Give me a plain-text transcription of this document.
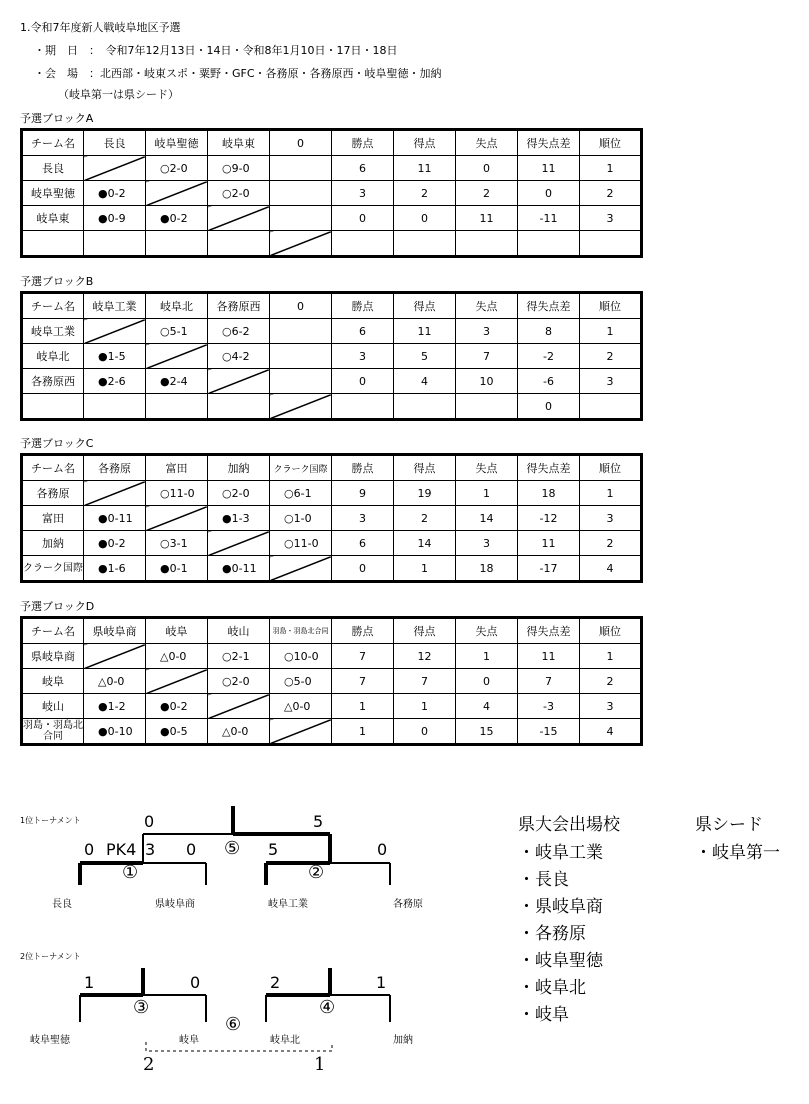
1.令和7年度新人戦岐阜地区予選
・期　日　：　令和7年12月13日・14日・令和8年1月10日・17日・18日
・会　場　：北西部・岐東スポ・粟野・GFC・各務原・各務原西・岐阜聖徳・加納
（岐阜第一は県シード）
予選ブロックA
予選ブロックB
予選ブロックC
予選ブロックD
チーム名	長良	岐阜聖徳	岐阜東	0	勝点	得点	失点	得失点差	順位
長良		○2-0	○9-0		6	11	0	11	1
岐阜聖徳	●0-2		○2-0		3	2	2	0	2
岐阜東	●0-9	●0-2			0	0	11	-11	3

チーム名	岐阜工業	岐阜北	各務原西	0	勝点	得点	失点	得失点差	順位
岐阜工業		○5-1	○6-2		6	11	3	8	1
岐阜北	●1-5		○4-2		3	5	7	-2	2
各務原西	●2-6	●2-4			0	4	10	-6	3
								0	
チーム名	各務原	富田	加納	クラーク国際	勝点	得点	失点	得失点差	順位
各務原		○11-0	○2-0	○6-1	9	19	1	18	1
富田	●0-11		●1-3	○1-0	3	2	14	-12	3
加納	●0-2	○3-1		○11-0	6	14	3	11	2
クラーク国際	●1-6	●0-1	●0-11		0	1	18	-17	4
チーム名	県岐阜商	岐阜	岐山	羽島・羽島北合同	勝点	得点	失点	得失点差	順位
県岐阜商		△0-0	○2-1	○10-0	7	12	1	11	1
岐阜	△0-0		○2-0	○5-0	7	7	0	7	2
岐山	●1-2	●0-2		△0-0	1	1	4	-3	3
羽島・羽島北合同	●0-10	●0-5	△0-0		1	0	15	-15	4
1位トーナメント	0	5
0 PK4 3 0 ⑤ 5	0
①	②
長良	県岐阜商	岐阜工業	各務原
2位トーナメント
1	0	2	1
③	④
⑥
岐阜聖徳	岐阜	岐阜北	加納
2	1
県大会出場校
・岐阜工業
・長良
・県岐阜商
・各務原
・岐阜聖徳
・岐阜北
・岐阜
県シード
・岐阜第一
